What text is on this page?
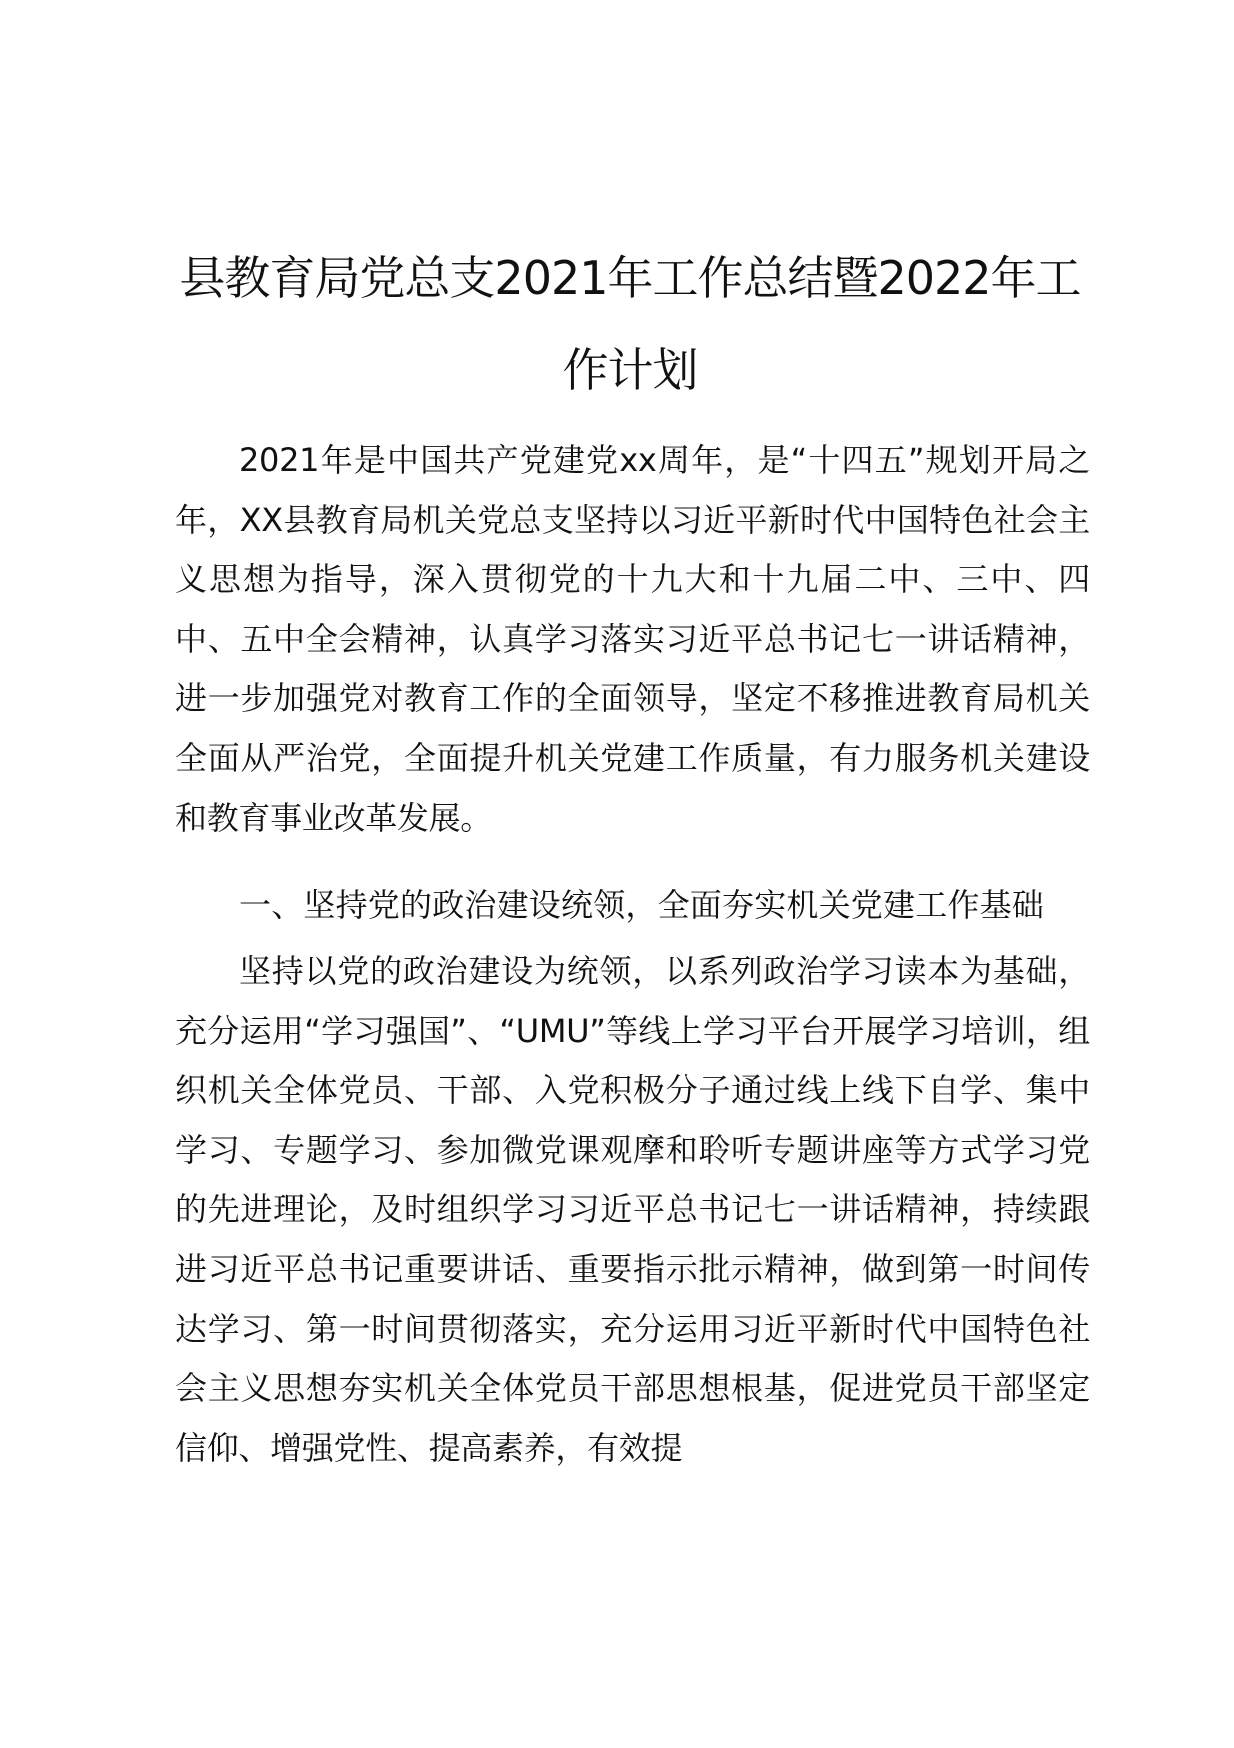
县教育局党总支2021年工作总结暨2022年工
作计划

2021年是中国共产党建党xx周年，是“十四五”规划开局之年，XX县教育局机关党总支坚持以习近平新时代中国特色社会主义思想为指导，深入贯彻党的十九大和十九届二中、三中、四中、五中全会精神，认真学习落实习近平总书记七一讲话精神，进一步加强党对教育工作的全面领导，坚定不移推进教育局机关全面从严治党，全面提升机关党建工作质量，有力服务机关建设和教育事业改革发展。

一、坚持党的政治建设统领，全面夯实机关党建工作基础

坚持以党的政治建设为统领，以系列政治学习读本为基础，充分运用“学习强国”、“UMU”等线上学习平台开展学习培训，组织机关全体党员、干部、入党积极分子通过线上线下自学、集中学习、专题学习、参加微党课观摩和聆听专题讲座等方式学习党的先进理论，及时组织学习习近平总书记七一讲话精神，持续跟进习近平总书记重要讲话、重要指示批示精神，做到第一时间传达学习、第一时间贯彻落实，充分运用习近平新时代中国特色社会主义思想夯实机关全体党员干部思想根基，促进党员干部坚定信仰、增强党性、提高素养，有效提
